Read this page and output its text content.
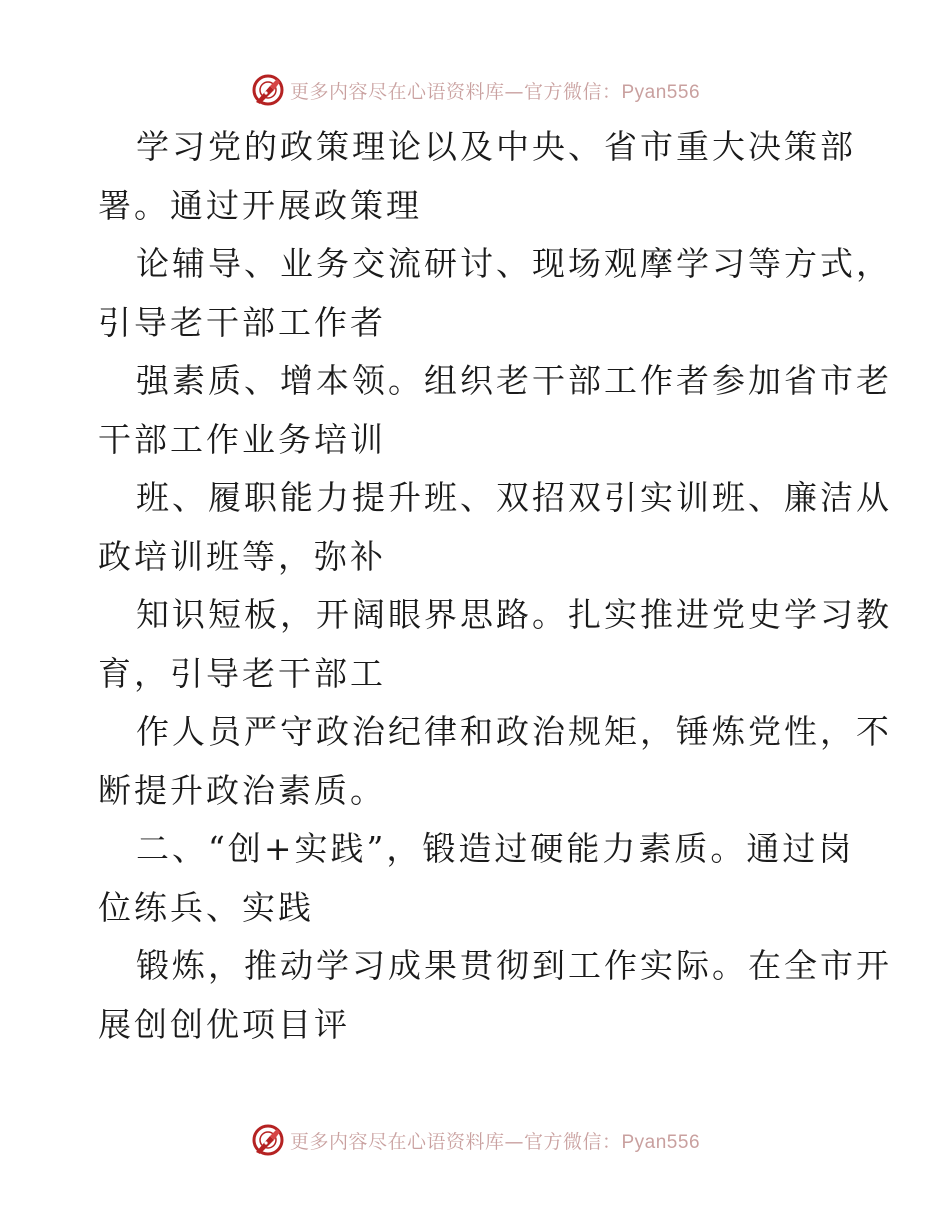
更多内容尽在心语资料库—官方微信：Pyan556
学习党的政策理论以及中央、省市重大决策部
署。通过开展政策理
论辅导、业务交流研讨、现场观摩学习等方式，
引导老干部工作者
强素质、增本领。组织老干部工作者参加省市老
干部工作业务培训
班、履职能力提升班、双招双引实训班、廉洁从
政培训班等，弥补
知识短板，开阔眼界思路。扎实推进党史学习教
育，引导老干部工
作人员严守政治纪律和政治规矩，锤炼党性，不
断提升政治素质。
二、“创+实践”，锻造过硬能力素质。通过岗
位练兵、实践
锻炼，推动学习成果贯彻到工作实际。在全市开
展创创优项目评
更多内容尽在心语资料库—官方微信：Pyan556
